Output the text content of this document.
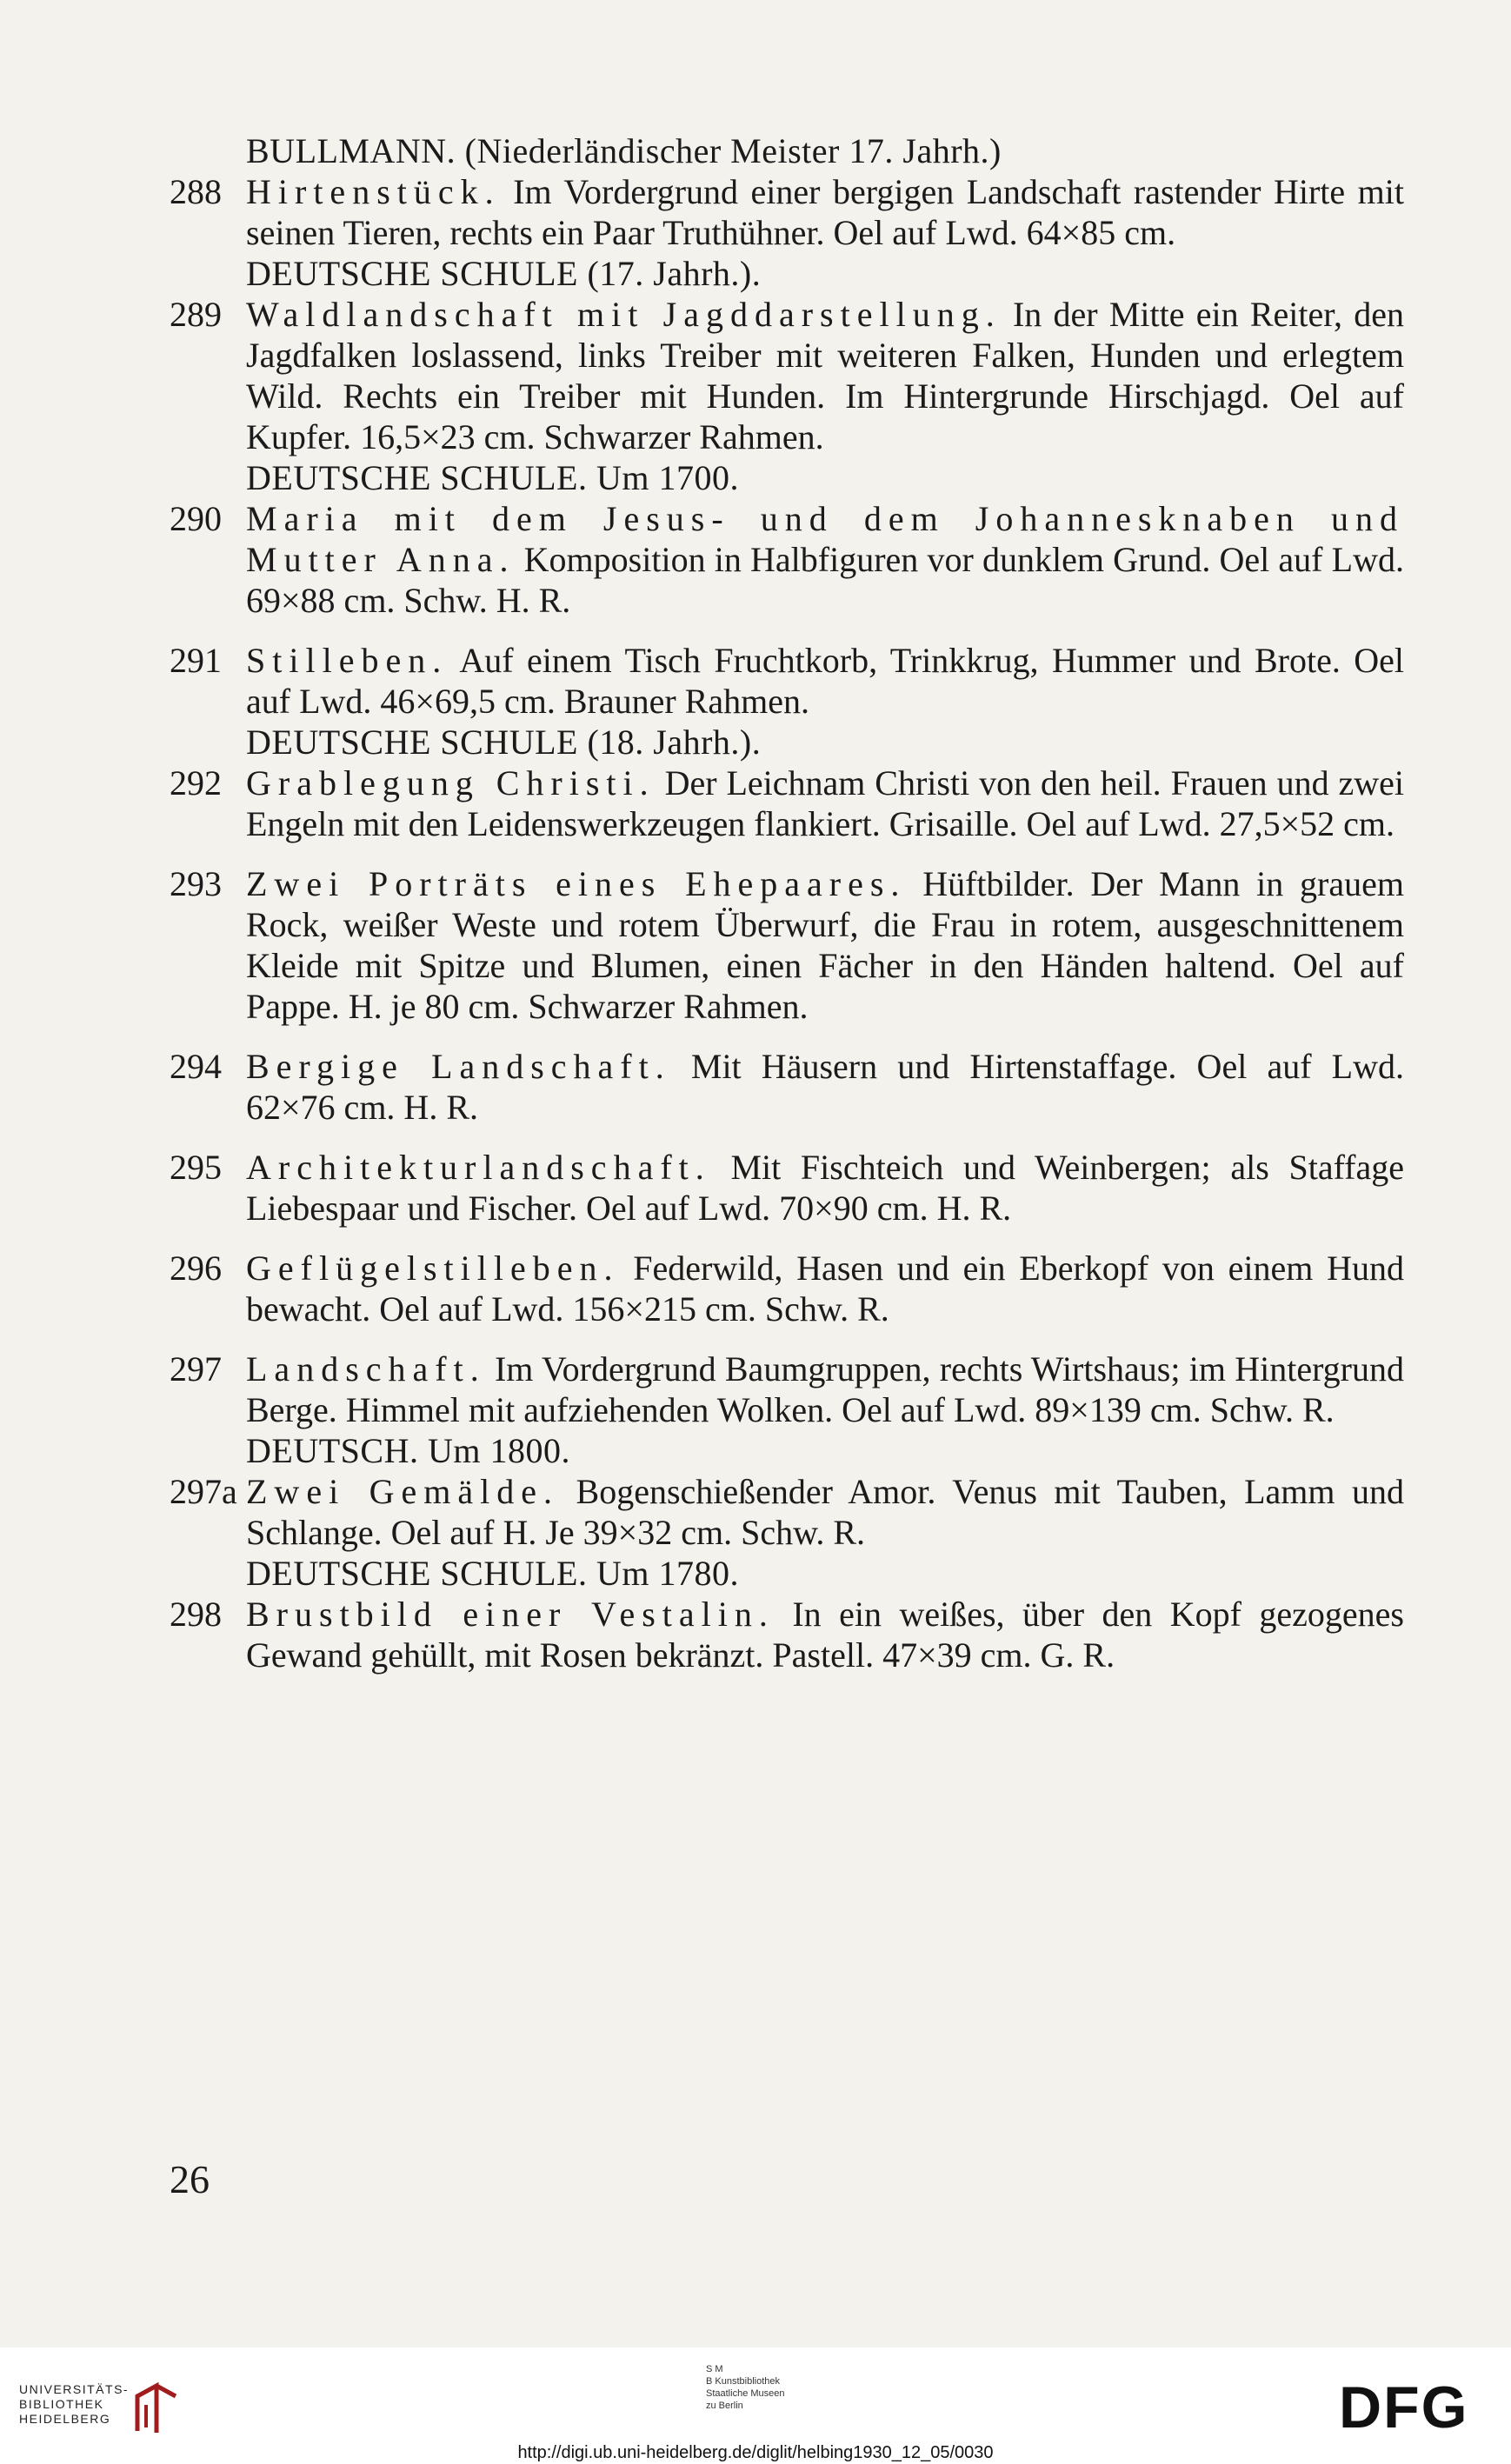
BULLMANN. (Niederländischer Meister 17. Jahrh.)
288 Hirtenstück. Im Vordergrund einer bergigen Landschaft rastender Hirte mit seinen Tieren, rechts ein Paar Truthühner. Oel auf Lwd. 64×85 cm.
DEUTSCHE SCHULE (17. Jahrh.).
289 Waldlandschaft mit Jagddarstellung. In der Mitte ein Reiter, den Jagdfalken loslassend, links Treiber mit weiteren Falken, Hunden und erlegtem Wild. Rechts ein Treiber mit Hunden. Im Hintergrunde Hirschjagd. Oel auf Kupfer. 16,5×23 cm. Schwarzer Rahmen.
DEUTSCHE SCHULE. Um 1700.
290 Maria mit dem Jesus- und dem Johannesknaben und Mutter Anna. Komposition in Halbfiguren vor dunklem Grund. Oel auf Lwd. 69×88 cm. Schw. H. R.
291 Stilleben. Auf einem Tisch Fruchtkorb, Trinkkrug, Hummer und Brote. Oel auf Lwd. 46×69,5 cm. Brauner Rahmen.
DEUTSCHE SCHULE (18. Jahrh.).
292 Grablegung Christi. Der Leichnam Christi von den heil. Frauen und zwei Engeln mit den Leidenswerkzeugen flankiert. Grisaille. Oel auf Lwd. 27,5×52 cm.
293 Zwei Porträts eines Ehepaares. Hüftbilder. Der Mann in grauem Rock, weißer Weste und rotem Überwurf, die Frau in rotem, ausgeschnittenem Kleide mit Spitze und Blumen, einen Fächer in den Händen haltend. Oel auf Pappe. H. je 80 cm. Schwarzer Rahmen.
294 Bergige Landschaft. Mit Häusern und Hirtenstaffage. Oel auf Lwd. 62×76 cm. H. R.
295 Architekturlandschaft. Mit Fischteich und Weinbergen; als Staffage Liebespaar und Fischer. Oel auf Lwd. 70×90 cm. H. R.
296 Geflügelstilleben. Federwild, Hasen und ein Eberkopf von einem Hund bewacht. Oel auf Lwd. 156×215 cm. Schw. R.
297 Landschaft. Im Vordergrund Baumgruppen, rechts Wirtshaus; im Hintergrund Berge. Himmel mit aufziehenden Wolken. Oel auf Lwd. 89×139 cm. Schw. R.
DEUTSCH. Um 1800.
297a Zwei Gemälde. Bogenschießender Amor. Venus mit Tauben, Lamm und Schlange. Oel auf H. Je 39×32 cm. Schw. R.
DEUTSCHE SCHULE. Um 1780.
298 Brustbild einer Vestalin. In ein weißes, über den Kopf gezogenes Gewand gehüllt, mit Rosen bekränzt. Pastell. 47×39 cm. G. R.
26
UNIVERSITÄTS-
BIBLIOTHEK
HEIDELBERG
S M
B Kunstbibliothek
Staatliche Museen
zu Berlin	DFG
http://digi.ub.uni-heidelberg.de/diglit/helbing1930_12_05/0030
